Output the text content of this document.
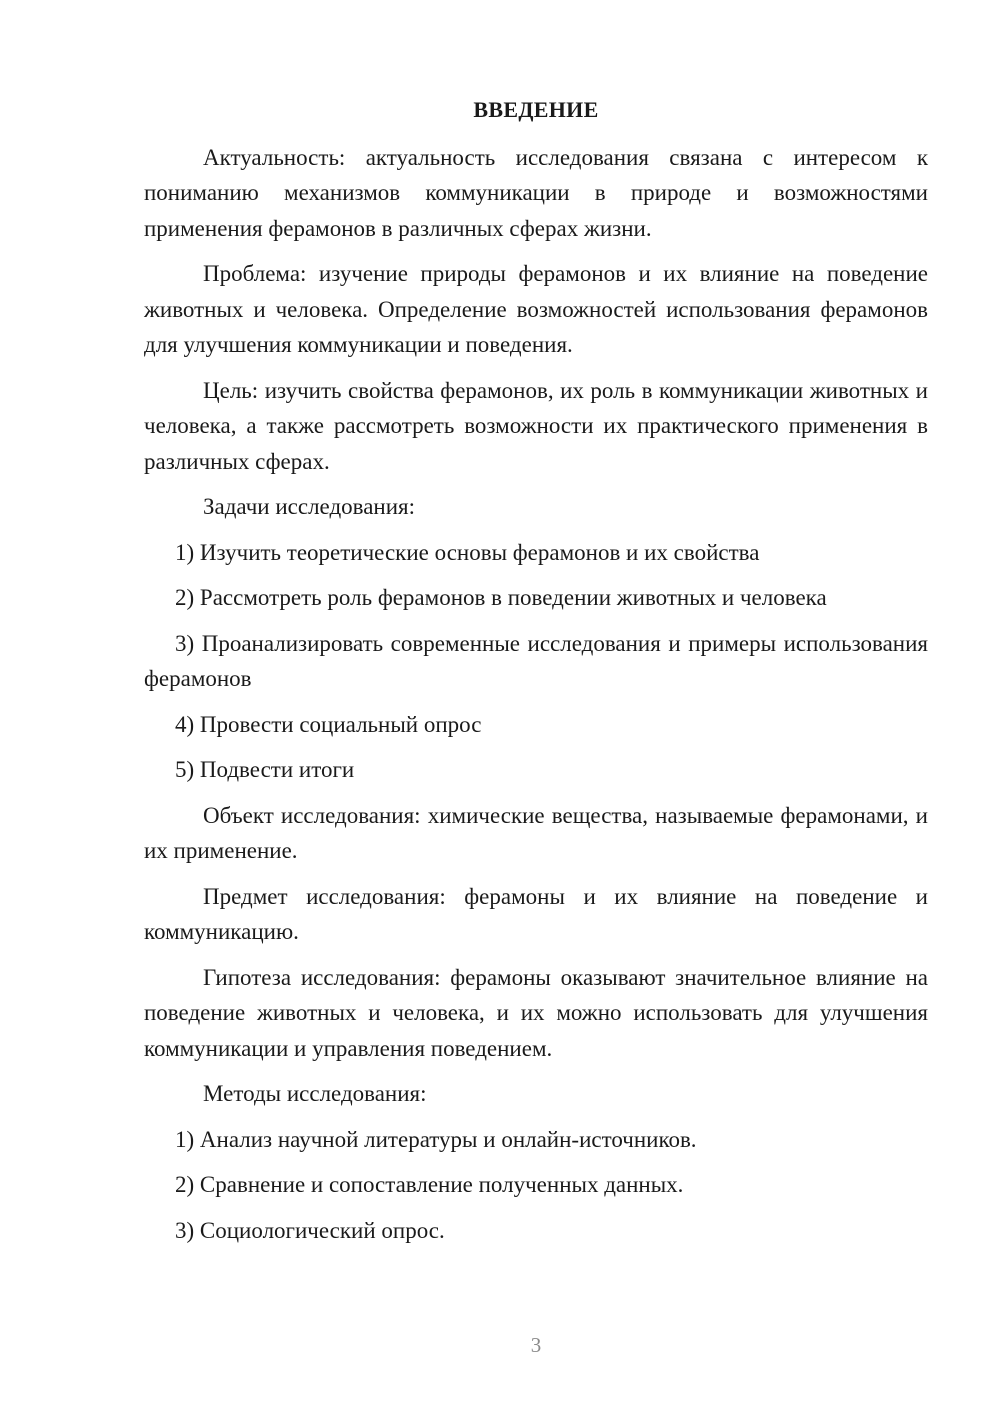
ВВЕДЕНИЕ

Актуальность: актуальность исследования связана с интересом к пониманию механизмов коммуникации в природе и возможностями применения ферамонов в различных сферах жизни.

Проблема: изучение природы ферамонов и их влияние на поведение животных и человека. Определение возможностей использования ферамонов для улучшения коммуникации и поведения.

Цель: изучить свойства ферамонов, их роль в коммуникации животных и человека, а также рассмотреть возможности их практического применения в различных сферах.

Задачи исследования:

1) Изучить теоретические основы ферамонов и их свойства

2) Рассмотреть роль ферамонов в поведении животных и человека

3) Проанализировать современные исследования и примеры использования ферамонов

4) Провести социальный опрос

5) Подвести итоги

Объект исследования: химические вещества, называемые ферамонами, и их применение.

Предмет исследования: ферамоны и их влияние на поведение и коммуникацию.

Гипотеза исследования: ферамоны оказывают значительное влияние на поведение животных и человека, и их можно использовать для улучшения коммуникации и управления поведением.

Методы исследования:

1) Анализ научной литературы и онлайн-источников.

2) Сравнение и сопоставление полученных данных.

3) Социологический опрос.

3
